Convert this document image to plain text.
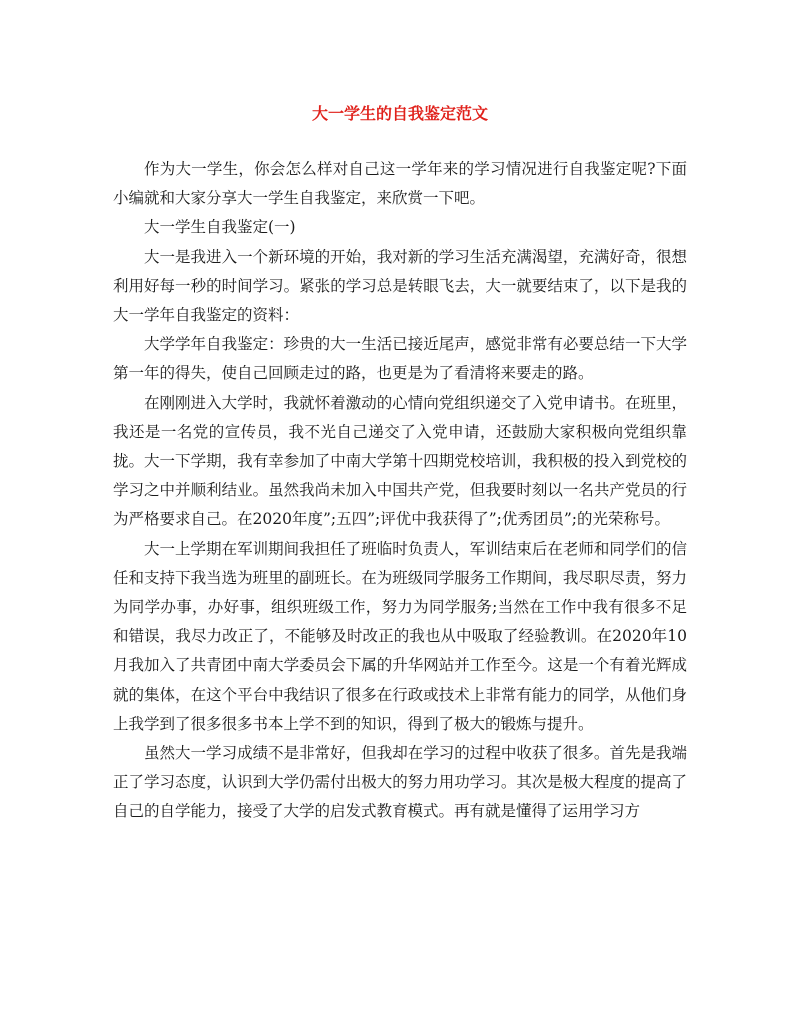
大一学生的自我鉴定范文

作为大一学生，你会怎么样对自己这一学年来的学习情况进行自我鉴定呢?下面小编就和大家分享大一学生自我鉴定，来欣赏一下吧。

大一学生自我鉴定(一)

大一是我进入一个新环境的开始，我对新的学习生活充满渴望，充满好奇，很想利用好每一秒的时间学习。紧张的学习总是转眼飞去，大一就要结束了，以下是我的大一学年自我鉴定的资料：

大学学年自我鉴定：珍贵的大一生活已接近尾声，感觉非常有必要总结一下大学第一年的得失，使自己回顾走过的路，也更是为了看清将来要走的路。

在刚刚进入大学时，我就怀着激动的心情向党组织递交了入党申请书。在班里，我还是一名党的宣传员，我不光自己递交了入党申请，还鼓励大家积极向党组织靠拢。大一下学期，我有幸参加了中南大学第十四期党校培训，我积极的投入到党校的学习之中并顺利结业。虽然我尚未加入中国共产党，但我要时刻以一名共产党员的行为严格要求自己。在2020年度”;五四”;评优中我获得了”;优秀团员”;的光荣称号。

大一上学期在军训期间我担任了班临时负责人，军训结束后在老师和同学们的信任和支持下我当选为班里的副班长。在为班级同学服务工作期间，我尽职尽责，努力为同学办事，办好事，组织班级工作，努力为同学服务;当然在工作中我有很多不足和错误，我尽力改正了，不能够及时改正的我也从中吸取了经验教训。在2020年10月我加入了共青团中南大学委员会下属的升华网站并工作至今。这是一个有着光辉成就的集体，在这个平台中我结识了很多在行政或技术上非常有能力的同学，从他们身上我学到了很多很多书本上学不到的知识，得到了极大的锻炼与提升。

虽然大一学习成绩不是非常好，但我却在学习的过程中收获了很多。首先是我端正了学习态度，认识到大学仍需付出极大的努力用功学习。其次是极大程度的提高了自己的自学能力，接受了大学的启发式教育模式。再有就是懂得了运用学习方
